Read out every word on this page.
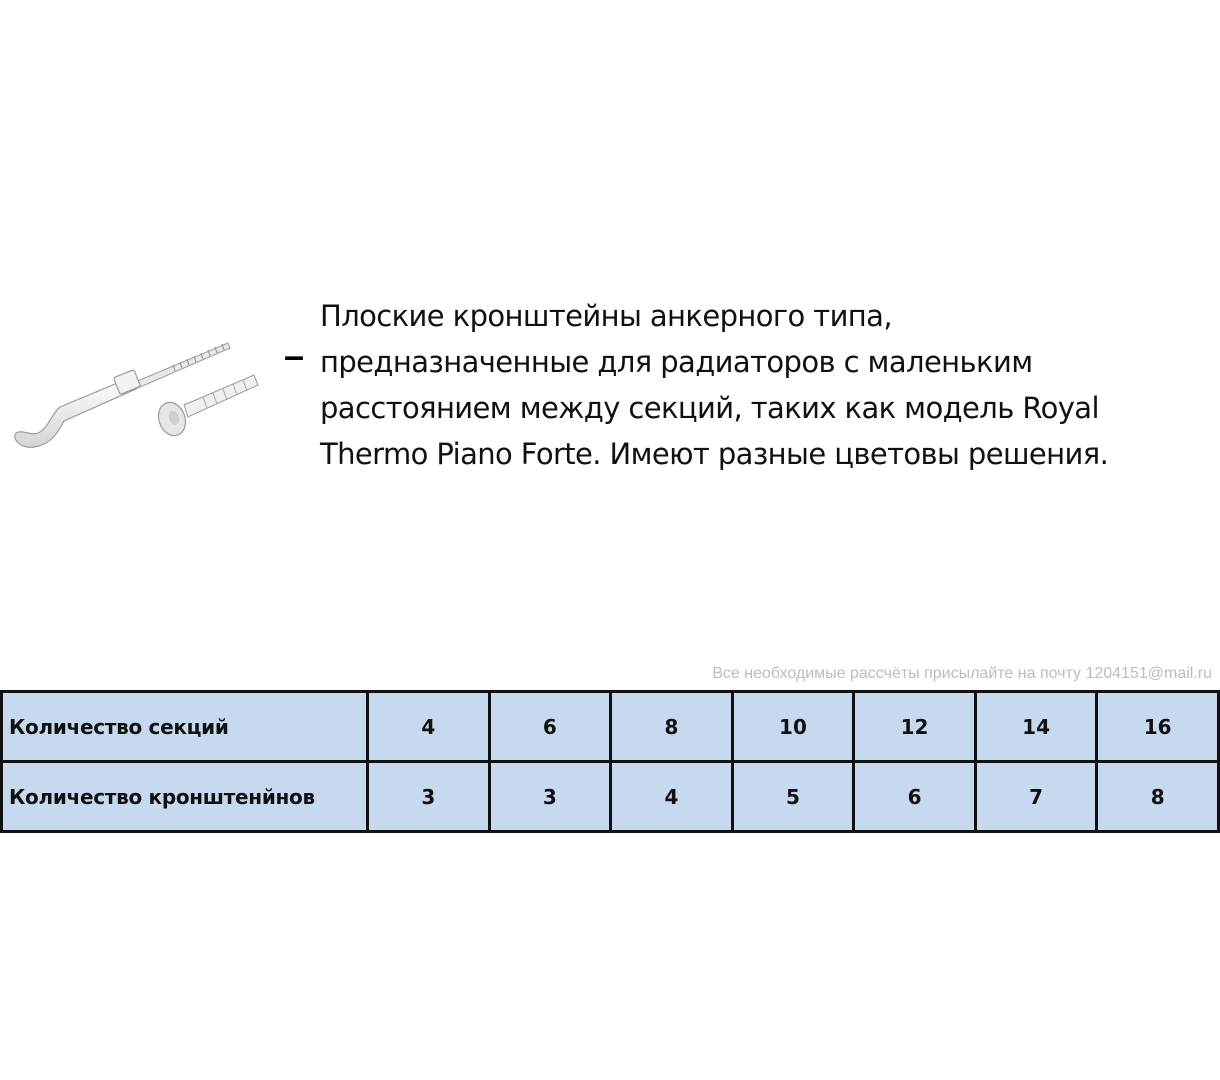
–

Плоские кронштейны анкерного типа,
предназначенные для радиаторов с маленьким
расстоянием между секций, таких как модель Royal
Thermo Piano Forte. Имеют разные цветовы решения.

Все необходимые рассчёты присылайте на почту 1204151@mail.ru
Количество секций	4	6	8	10	12	14	16
Количество кронштенйнов	3	3	4	5	6	7	8
